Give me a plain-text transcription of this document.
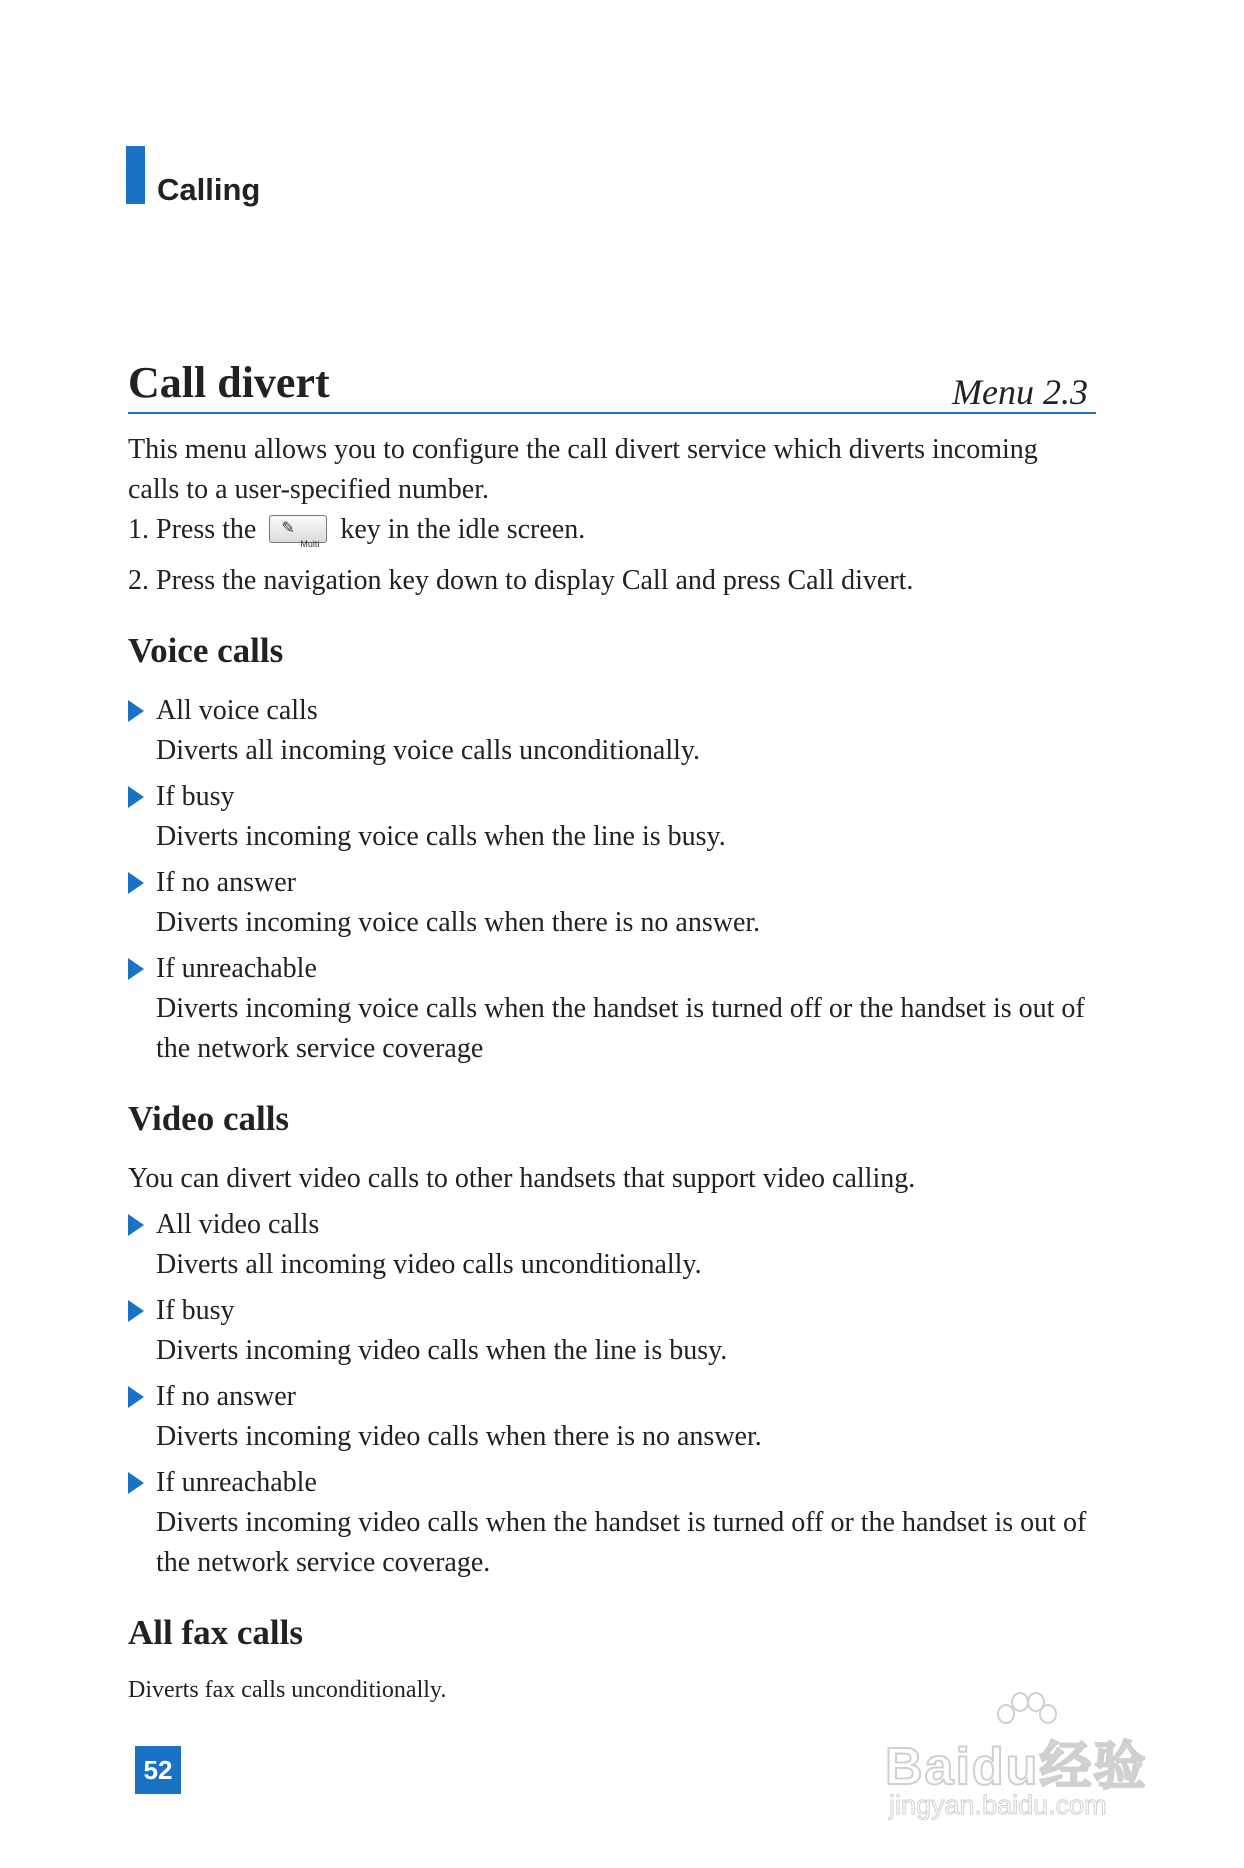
Calling
Call divert	Menu 2.3

This menu allows you to configure the call divert service which diverts incoming calls to a user-specified number.

1. Press the ✎
Multi key in the idle screen.

2. Press the navigation key down to display Call and press Call divert.

Voice calls
All voice calls
Diverts all incoming voice calls unconditionally.
If busy
Diverts incoming voice calls when the line is busy.
If no answer
Diverts incoming voice calls when there is no answer.
If unreachable
Diverts incoming voice calls when the handset is turned off or the handset is out of the network service coverage
Video calls

You can divert video calls to other handsets that support video calling.

All video calls
Diverts all incoming video calls unconditionally.
If busy
Diverts incoming video calls when the line is busy.
If no answer
Diverts incoming video calls when there is no answer.
If unreachable
Diverts incoming video calls when the handset is turned off or the handset is out of the network service coverage.
All fax calls

Diverts fax calls unconditionally.

52	Baidu经验
jingyan.baidu.com
